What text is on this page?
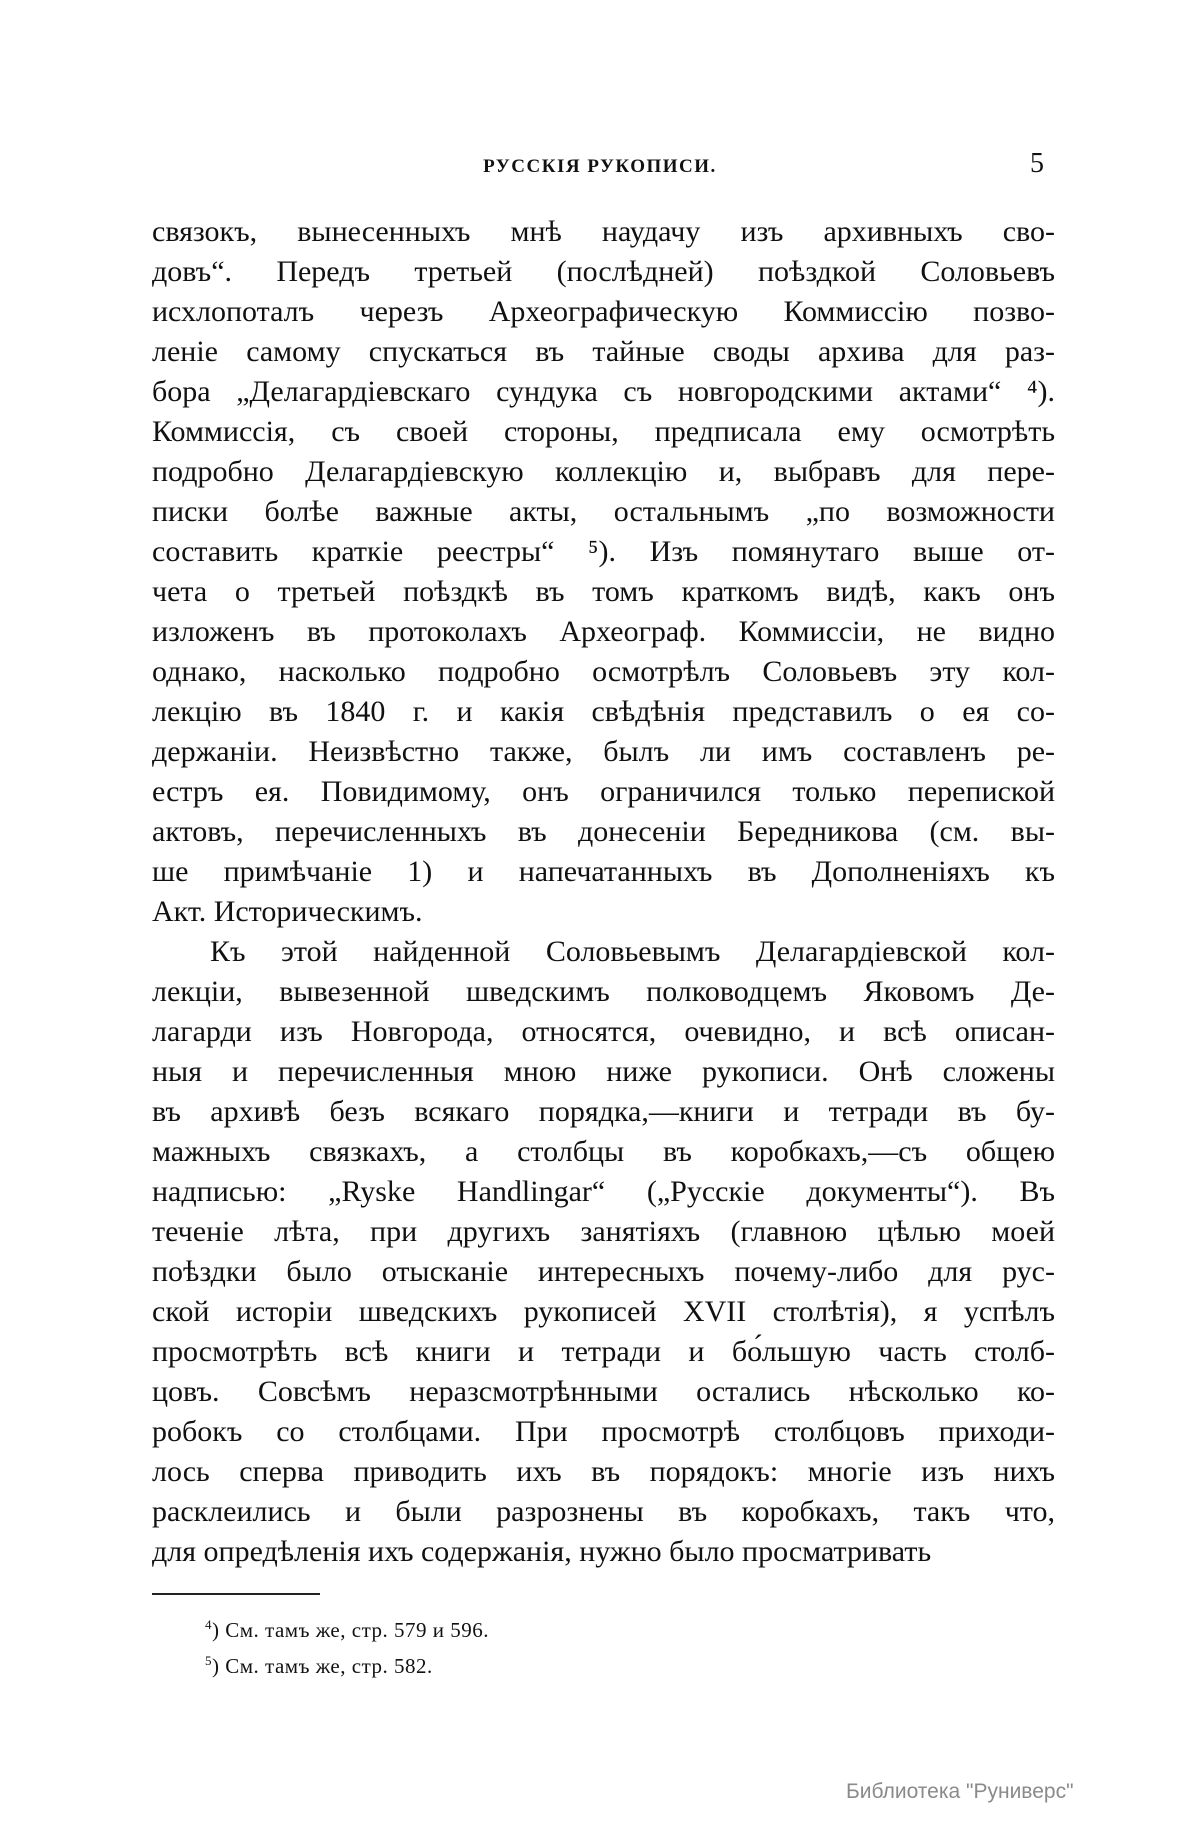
РУССКІЯ РУКОПИСИ.	5
связокъ, вынесенныхъ мнѣ наудачу изъ архивныхъ сво-
довъ“. Передъ третьей (послѣдней) поѣздкой Соловьевъ
исхлопоталъ черезъ Археографическую Коммиссію позво-
леніе самому спускаться въ тайные своды архива для раз-
бора „Делагардіевскаго сундука съ новгородскими актами“ ⁴).
Коммиссія, съ своей стороны, предписала ему осмотрѣть
подробно Делагардіевскую коллекцію и, выбравъ для пере-
писки болѣе важные акты, остальнымъ „по возможности
составить краткіе реестры“ ⁵). Изъ помянутаго выше от-
чета о третьей поѣздкѣ въ томъ краткомъ видѣ, какъ онъ
изложенъ въ протоколахъ Археограф. Коммиссіи, не видно
однако, насколько подробно осмотрѣлъ Соловьевъ эту кол-
лекцію въ 1840 г. и какія свѣдѣнія представилъ о ея со-
держаніи. Неизвѣстно также, былъ ли имъ составленъ ре-
естръ ея. Повидимому, онъ ограничился только перепиской
актовъ, перечисленныхъ въ донесеніи Бередникова (см. вы-
ше примѣчаніе 1) и напечатанныхъ въ Дополненіяхъ къ
Акт. Историческимъ.
Къ этой найденной Соловьевымъ Делагардіевской кол-
лекціи, вывезенной шведскимъ полководцемъ Яковомъ Де-
лагарди изъ Новгорода, относятся, очевидно, и всѣ описан-
ныя и перечисленныя мною ниже рукописи. Онѣ сложены
въ архивѣ безъ всякаго порядка,—книги и тетради въ бу-
мажныхъ связкахъ, а столбцы въ коробкахъ,—съ общею
надписью: „Ryske Handlingar“ („Русскіе документы“). Въ
теченіе лѣта, при другихъ занятіяхъ (главною цѣлью моей
поѣздки было отысканіе интересныхъ почему-либо для рус-
ской исторіи шведскихъ рукописей XVII столѣтія), я успѣлъ
просмотрѣть всѣ книги и тетради и бо́льшую часть столб-
цовъ. Совсѣмъ неразсмотрѣнными остались нѣсколько ко-
робокъ со столбцами. При просмотрѣ столбцовъ приходи-
лось сперва приводить ихъ въ порядокъ: многіе изъ нихъ
расклеились и были разрознены въ коробкахъ, такъ что,
для опредѣленія ихъ содержанія, нужно было просматривать
$^4$) См. тамъ же, стр. 579 и 596.
$^5$) См. тамъ же, стр. 582.
Библиотека "Руниверс"
